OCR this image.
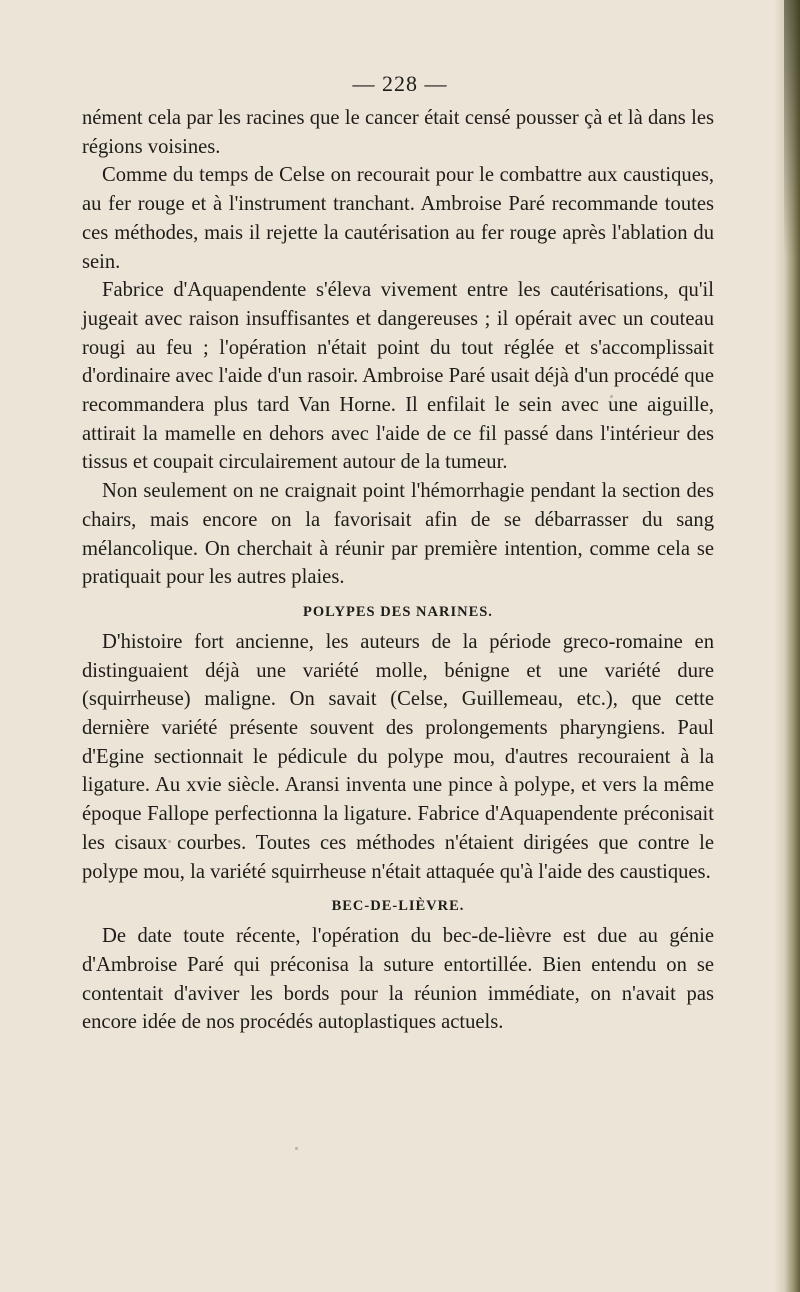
— 228 —

nément cela par les racines que le cancer était censé pousser çà et là dans les régions voisines.

Comme du temps de Celse on recourait pour le combattre aux caustiques, au fer rouge et à l'instrument tranchant. Ambroise Paré recommande toutes ces méthodes, mais il rejette la cautérisation au fer rouge après l'ablation du sein.

Fabrice d'Aquapendente s'éleva vivement entre les cautérisations, qu'il jugeait avec raison insuffisantes et dangereuses ; il opérait avec un couteau rougi au feu ; l'opération n'était point du tout réglée et s'accomplissait d'ordinaire avec l'aide d'un rasoir. Ambroise Paré usait déjà d'un procédé que recommandera plus tard Van Horne. Il enfilait le sein avec une aiguille, attirait la mamelle en dehors avec l'aide de ce fil passé dans l'intérieur des tissus et coupait circulairement autour de la tumeur.

Non seulement on ne craignait point l'hémorrhagie pendant la section des chairs, mais encore on la favorisait afin de se débarrasser du sang mélancolique. On cherchait à réunir par première intention, comme cela se pratiquait pour les autres plaies.

POLYPES DES NARINES.

D'histoire fort ancienne, les auteurs de la période greco-romaine en distinguaient déjà une variété molle, bénigne et une variété dure (squirrheuse) maligne. On savait (Celse, Guillemeau, etc.), que cette dernière variété présente souvent des prolongements pharyngiens. Paul d'Egine sectionnait le pédicule du polype mou, d'autres recouraient à la ligature. Au xvie siècle. Aransi inventa une pince à polype, et vers la même époque Fallope perfectionna la ligature. Fabrice d'Aquapendente préconisait les cisaux courbes. Toutes ces méthodes n'étaient dirigées que contre le polype mou, la variété squirrheuse n'était attaquée qu'à l'aide des caustiques.

BEC-DE-LIÈVRE.

De date toute récente, l'opération du bec-de-lièvre est due au génie d'Ambroise Paré qui préconisa la suture entortillée. Bien entendu on se contentait d'aviver les bords pour la réunion immédiate, on n'avait pas encore idée de nos procédés autoplastiques actuels.
